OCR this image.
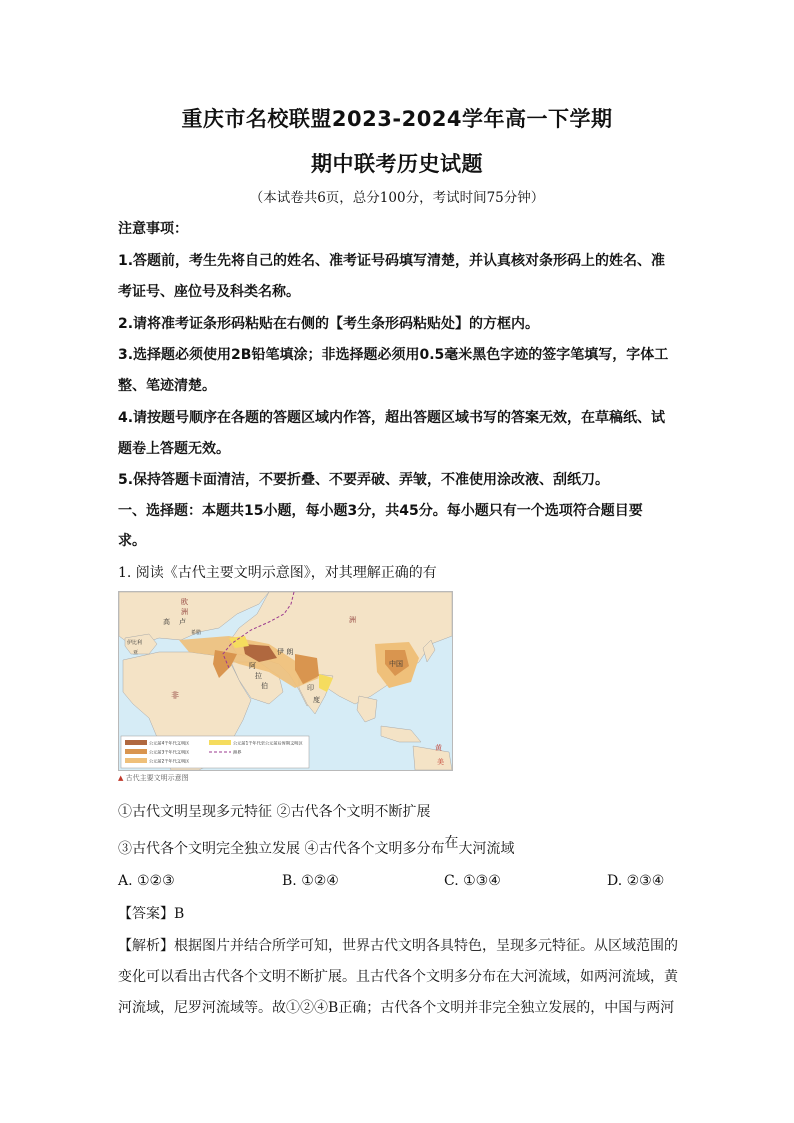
重庆市名校联盟2023-2024学年高一下学期
期中联考历史试题
（本试卷共6页，总分100分，考试时间75分钟）
注意事项：
1.答题前，考生先将自己的姓名、准考证号码填写清楚，并认真核对条形码上的姓名、准
考证号、座位号及科类名称。
2.请将准考证条形码粘贴在右侧的【考生条形码粘贴处】的方框内。
3.选择题必须使用2B铅笔填涂；非选择题必须用0.5毫米黑色字迹的签字笔填写，字体工
整、笔迹清楚。
4.请按题号顺序在各题的答题区域内作答，超出答题区域书写的答案无效，在草稿纸、试
题卷上答题无效。
5.保持答题卡面清洁，不要折叠、不要弄破、弄皱，不准使用涂改液、刮纸刀。
一、选择题：本题共15小题，每小题3分，共45分。每小题只有一个选项符合题目要
求。
1. 阅读《古代主要文明示意图》，对其理解正确的有
欧
洲
高 卢
希腊
伊比利
亚
非
阿
拉
伯
伊 朗
印
度
中国
洲
黄
美
公元前4千年代文明区
公元前3千年代文明区
公元前2千年代文明区
公元前1千年代至公元前后时期文明区
洲界
▲ 古代主要文明示意图
①古代文明呈现多元特征 ②古代各个文明不断扩展
③古代各个文明完全独立发展 ④古代各个文明多分布在大河流域
A. ①②③	B. ①②④	C. ①③④	D. ②③④
【答案】B
【解析】根据图片并结合所学可知，世界古代文明各具特色，呈现多元特征。从区域范围的
变化可以看出古代各个文明不断扩展。且古代各个文明多分布在大河流域，如两河流域，黄
河流域，尼罗河流域等。故①②④B正确；古代各个文明并非完全独立发展的，中国与两河
